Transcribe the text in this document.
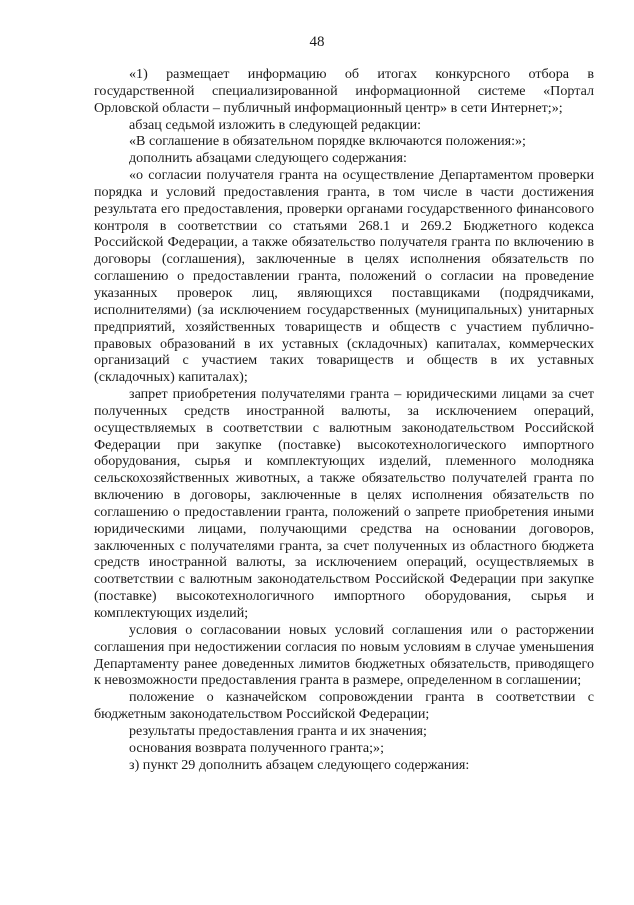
48

«1) размещает информацию об итогах конкурсного отбора в государственной специализированной информационной системе «Портал Орловской области – публичный информационный центр» в сети Интернет;»;

абзац седьмой изложить в следующей редакции:

«В соглашение в обязательном порядке включаются положения:»;

дополнить абзацами следующего содержания:

«о согласии получателя гранта на осуществление Департаментом проверки порядка и условий предоставления гранта, в том числе в части достижения результата его предоставления, проверки органами государственного финансового контроля в соответствии со статьями 268.1 и 269.2 Бюджетного кодекса Российской Федерации, а также обязательство получателя гранта по включению в договоры (соглашения), заключенные в целях исполнения обязательств по соглашению о предоставлении гранта, положений о согласии на проведение указанных проверок лиц, являющихся поставщиками (подрядчиками, исполнителями) (за исключением государственных (муниципальных) унитарных предприятий, хозяйственных товариществ и обществ с участием публично-правовых образований в их уставных (складочных) капиталах, коммерческих организаций с участием таких товариществ и обществ в их уставных (складочных) капиталах);

запрет приобретения получателями гранта – юридическими лицами за счет полученных средств иностранной валюты, за исключением операций, осуществляемых в соответствии с валютным законодательством Российской Федерации при закупке (поставке) высокотехнологического импортного оборудования, сырья и комплектующих изделий, племенного молодняка сельскохозяйственных животных, а также обязательство получателей гранта по включению в договоры, заключенные в целях исполнения обязательств по соглашению о предоставлении гранта, положений о запрете приобретения иными юридическими лицами, получающими средства на основании договоров, заключенных с получателями гранта, за счет полученных из областного бюджета средств иностранной валюты, за исключением операций, осуществляемых в соответствии с валютным законодательством Российской Федерации при закупке (поставке) высокотехнологичного импортного оборудования, сырья и комплектующих изделий;

условия о согласовании новых условий соглашения или о расторжении соглашения при недостижении согласия по новым условиям в случае уменьшения Департаменту ранее доведенных лимитов бюджетных обязательств, приводящего к невозможности предоставления гранта в размере, определенном в соглашении;

положение о казначейском сопровождении гранта в соответствии с бюджетным законодательством Российской Федерации;

результаты предоставления гранта и их значения;

основания возврата полученного гранта;»;

з) пункт 29 дополнить абзацем следующего содержания:
